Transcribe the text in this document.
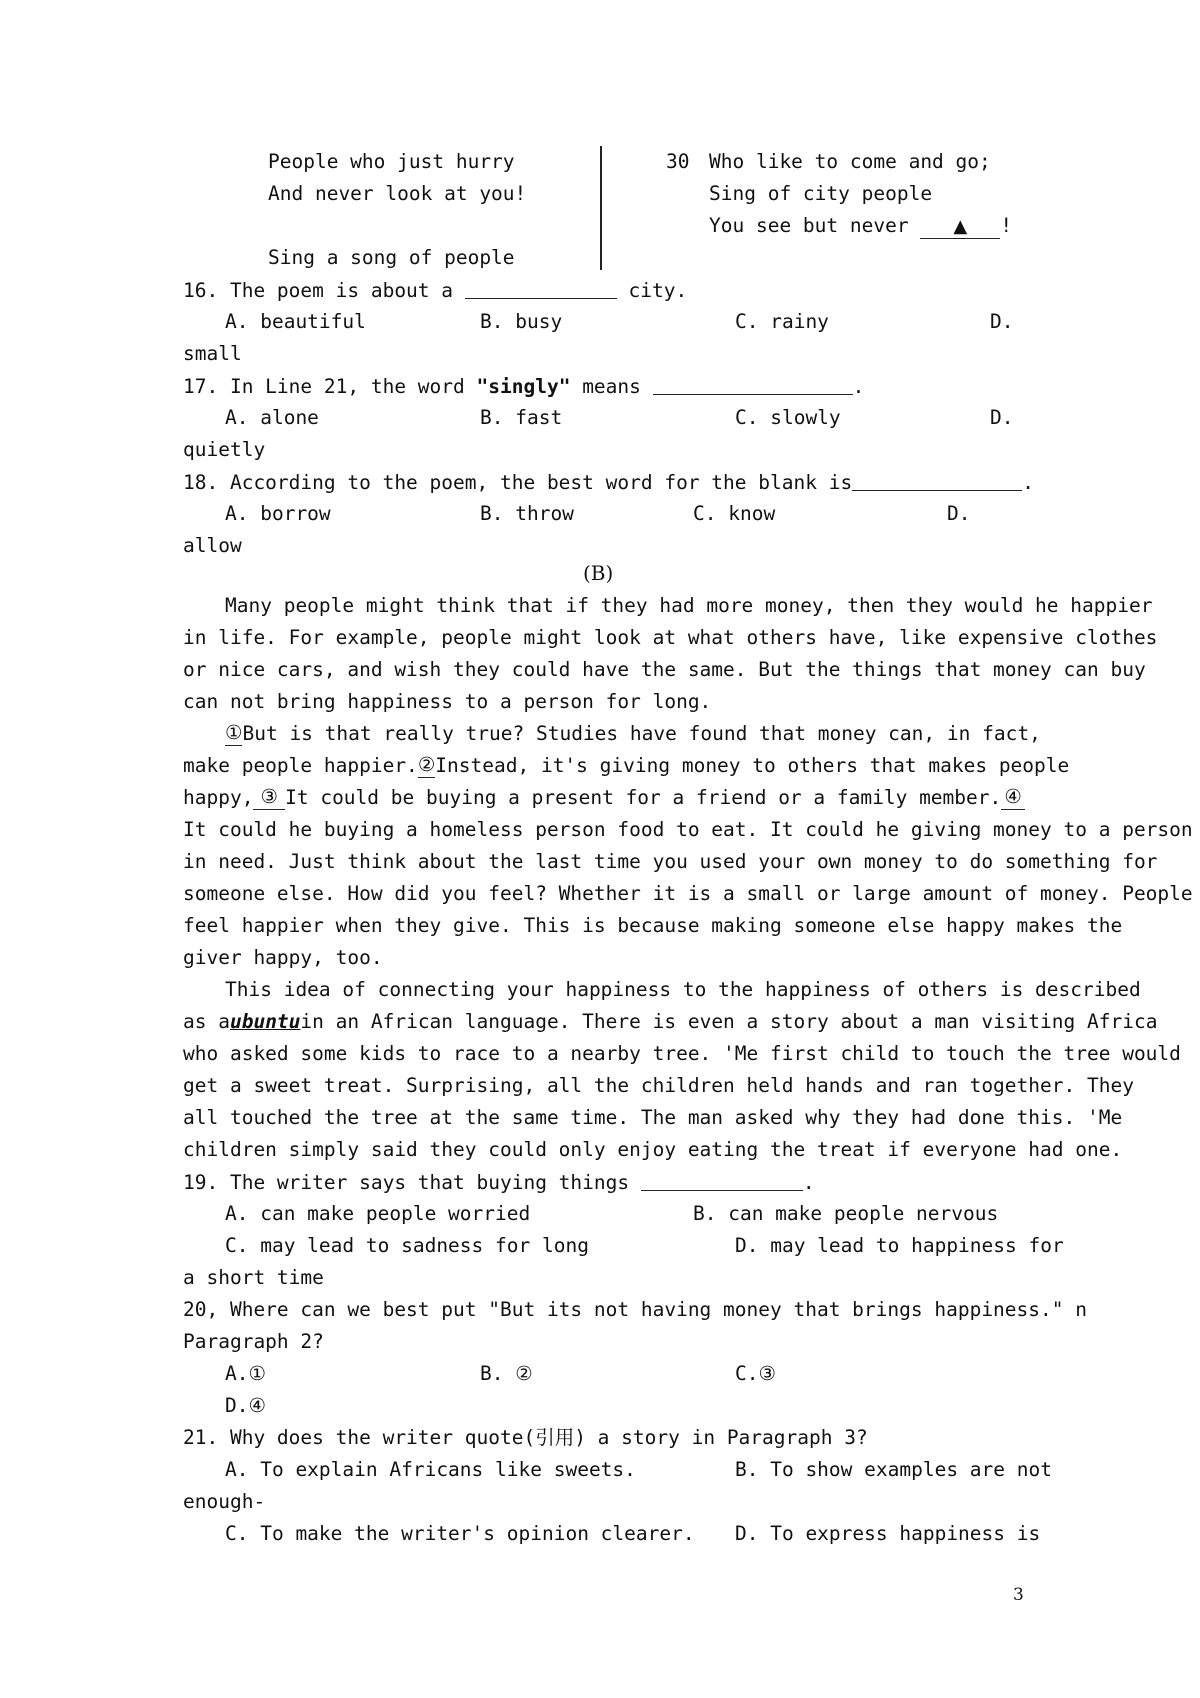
People who just hurry
And never look at you!
Sing a song of people
30 Who like to come and go;
Sing of city people
You see but never ▲ !
16. The poem is about a	city.
A. beautiful	B. busy	C. rainy	D.
small
17. In Line 21, the word "singly" means	.
A. alone	B. fast	C. slowly	D.
quietly
18. According to the poem, the best word for the blank is	.
A. borrow	B. throw	C. know	D.
allow
(B)
Many people might think that if they had more money, then they would he happier
in life. For example, people might look at what others have, like expensive clothes
or nice cars, and wish they could have the same. But the things that money can buy
can not bring happiness to a person for long.
① But is that really true? Studies have found that money can, in fact,
make people happier. ② Instead, it's giving money to others that makes people
happy, ③ It could be buying a present for a friend or a family member. ④
It could he buying a homeless person food to eat. It could he giving money to a person
in need. Just think about the last time you used your own money to do something for
someone else. How did you feel? Whether it is a small or large amount of money. People
feel happier when they give. This is because making someone else happy makes the
giver happy, too.
This idea of connecting your happiness to the happiness of others is described
as a ubuntu in an African language. There is even a story about a man visiting Africa
who asked some kids to race to a nearby tree. 'Me first child to touch the tree would
get a sweet treat. Surprising, all the children held hands and ran together. They
all touched the tree at the same time. The man asked why they had done this. 'Me
children simply said they could only enjoy eating the treat if everyone had one.
19. The writer says that buying things	.
A. can make people worried	B. can make people nervous
C. may lead to sadness for long	D. may lead to happiness for
a short time
20, Where can we best put "But its not having money that brings happiness." n
Paragraph 2?
A.①	B. ②	C.③
D.④
21. Why does the writer quote(引用) a story in Paragraph 3?
A. To explain Africans like sweets.	B. To show examples are not
enough-
C. To make the writer's opinion clearer. D. To express happiness is
3
